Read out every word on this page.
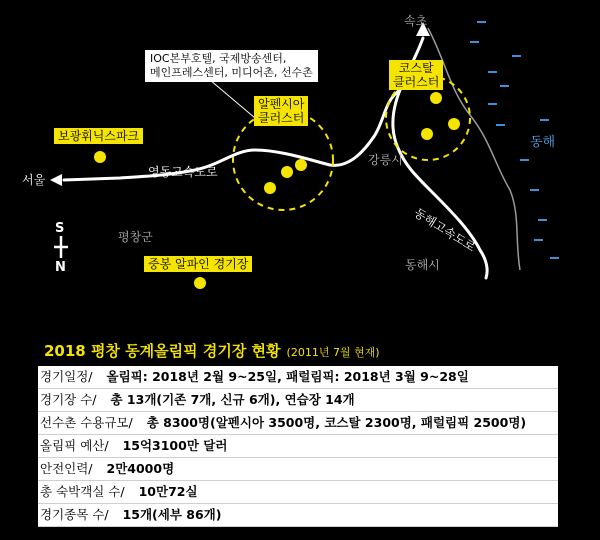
속초
서울
강릉시
동해시
평창군
동해
영동고속도로
동해고속도로
보광휘닉스파크
알펜시아
클러스터
코스탈
클러스터
중봉 알파인 경기장
IOC본부호텔, 국제방송센터,
메인프레스센터, 미디어촌, 선수촌
S
N
2018 평창 동계올림픽 경기장 현황 (2011년 7월 현재)
경기일정/ 올림픽: 2018년 2월 9~25일, 패럴림픽: 2018년 3월 9~28일
경기장 수/ 총 13개(기존 7개, 신규 6개), 연습장 14개
선수촌 수용규모/ 총 8300명(알펜시아 3500명, 코스탈 2300명, 패럴림픽 2500명)
올림픽 예산/ 15억3100만 달러
안전인력/ 2만4000명
총 숙박객실 수/ 10만72실
경기종목 수/ 15개(세부 86개)
